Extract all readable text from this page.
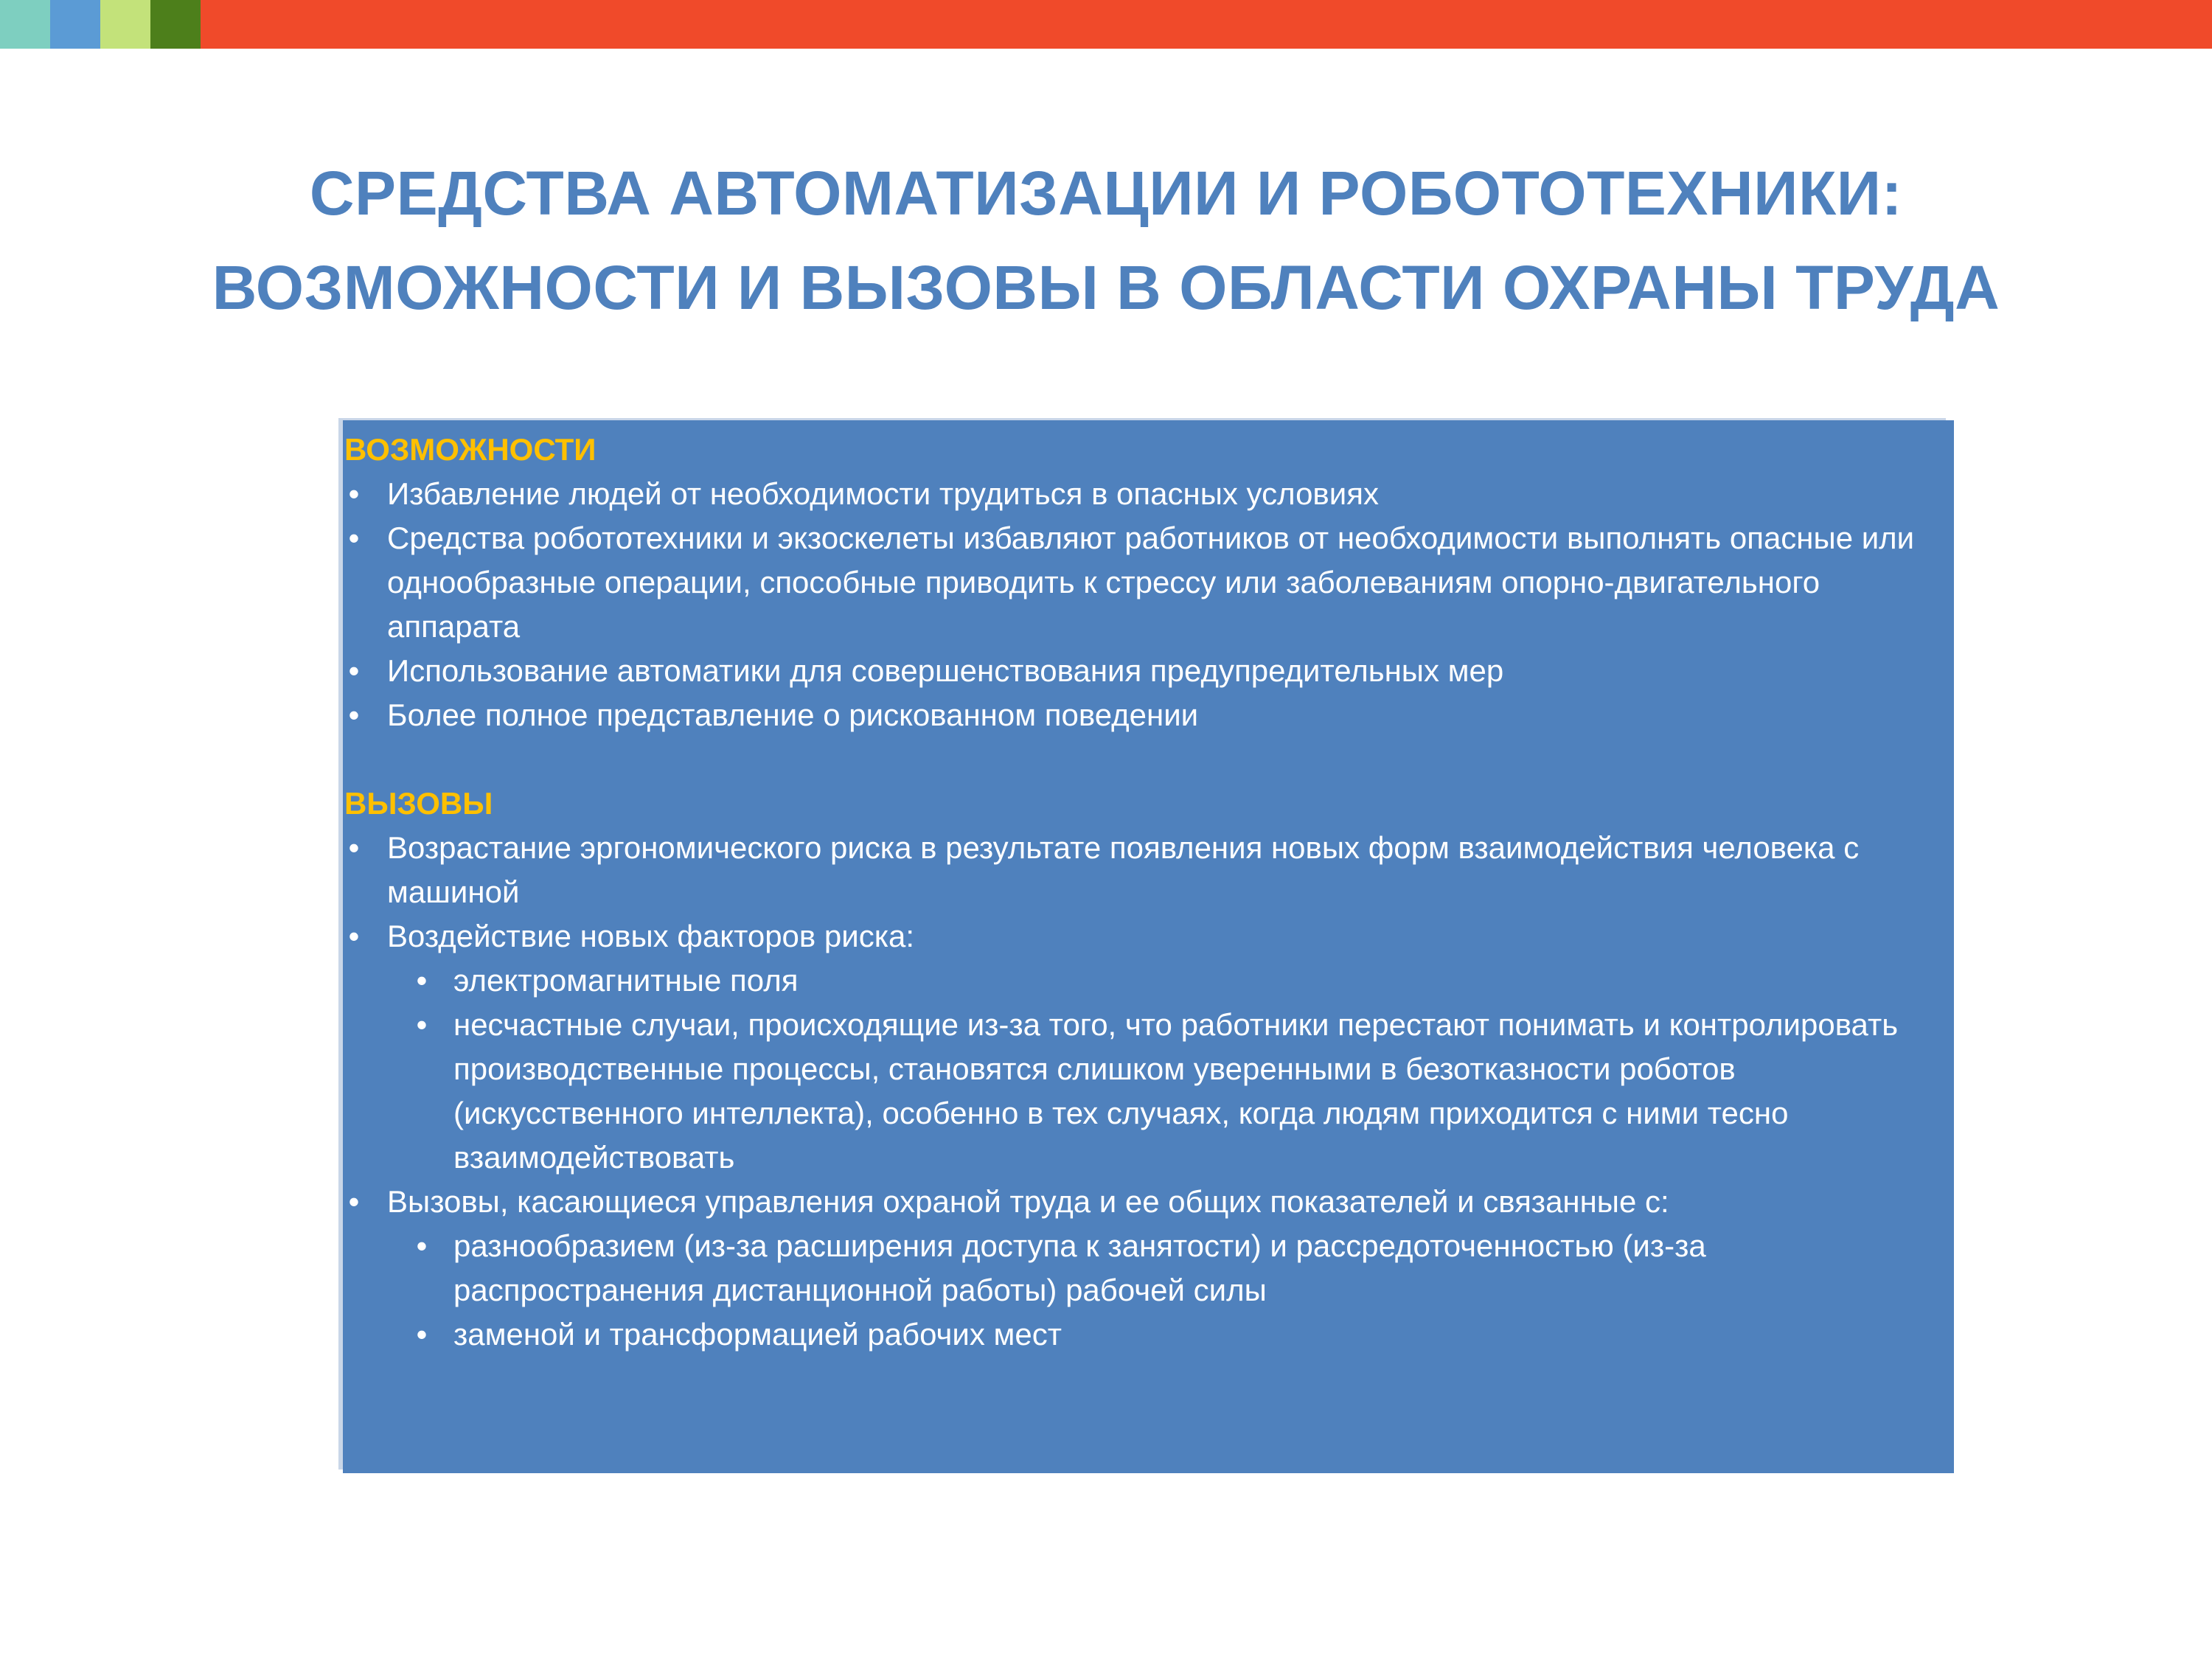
СРЕДСТВА АВТОМАТИЗАЦИИ И РОБОТОТЕХНИКИ:
ВОЗМОЖНОСТИ И ВЫЗОВЫ В ОБЛАСТИ ОХРАНЫ ТРУДА
ВОЗМОЖНОСТИ
• Избавление людей от необходимости трудиться в опасных условиях
• Средства робототехники и экзоскелеты избавляют работников от необходимости выполнять опасные или однообразные операции, способные приводить к стрессу или заболеваниям опорно-двигательного аппарата
• Использование автоматики для совершенствования предупредительных мер
• Более полное представление о рискованном поведении
ВЫЗОВЫ
• Возрастание эргономического риска в результате появления новых форм взаимодействия человека с машиной
• Воздействие новых факторов риска:
• электромагнитные поля
• несчастные случаи, происходящие из-за того, что работники перестают понимать и контролировать производственные процессы, становятся слишком уверенными в безотказности роботов (искусственного интеллекта), особенно в тех случаях, когда людям приходится с ними тесно взаимодействовать
• Вызовы, касающиеся управления охраной труда и ее общих показателей и связанные с:
• разнообразием (из-за расширения доступа к занятости) и рассредоточенностью (из-за распространения дистанционной работы) рабочей силы
• заменой и трансформацией рабочих мест
